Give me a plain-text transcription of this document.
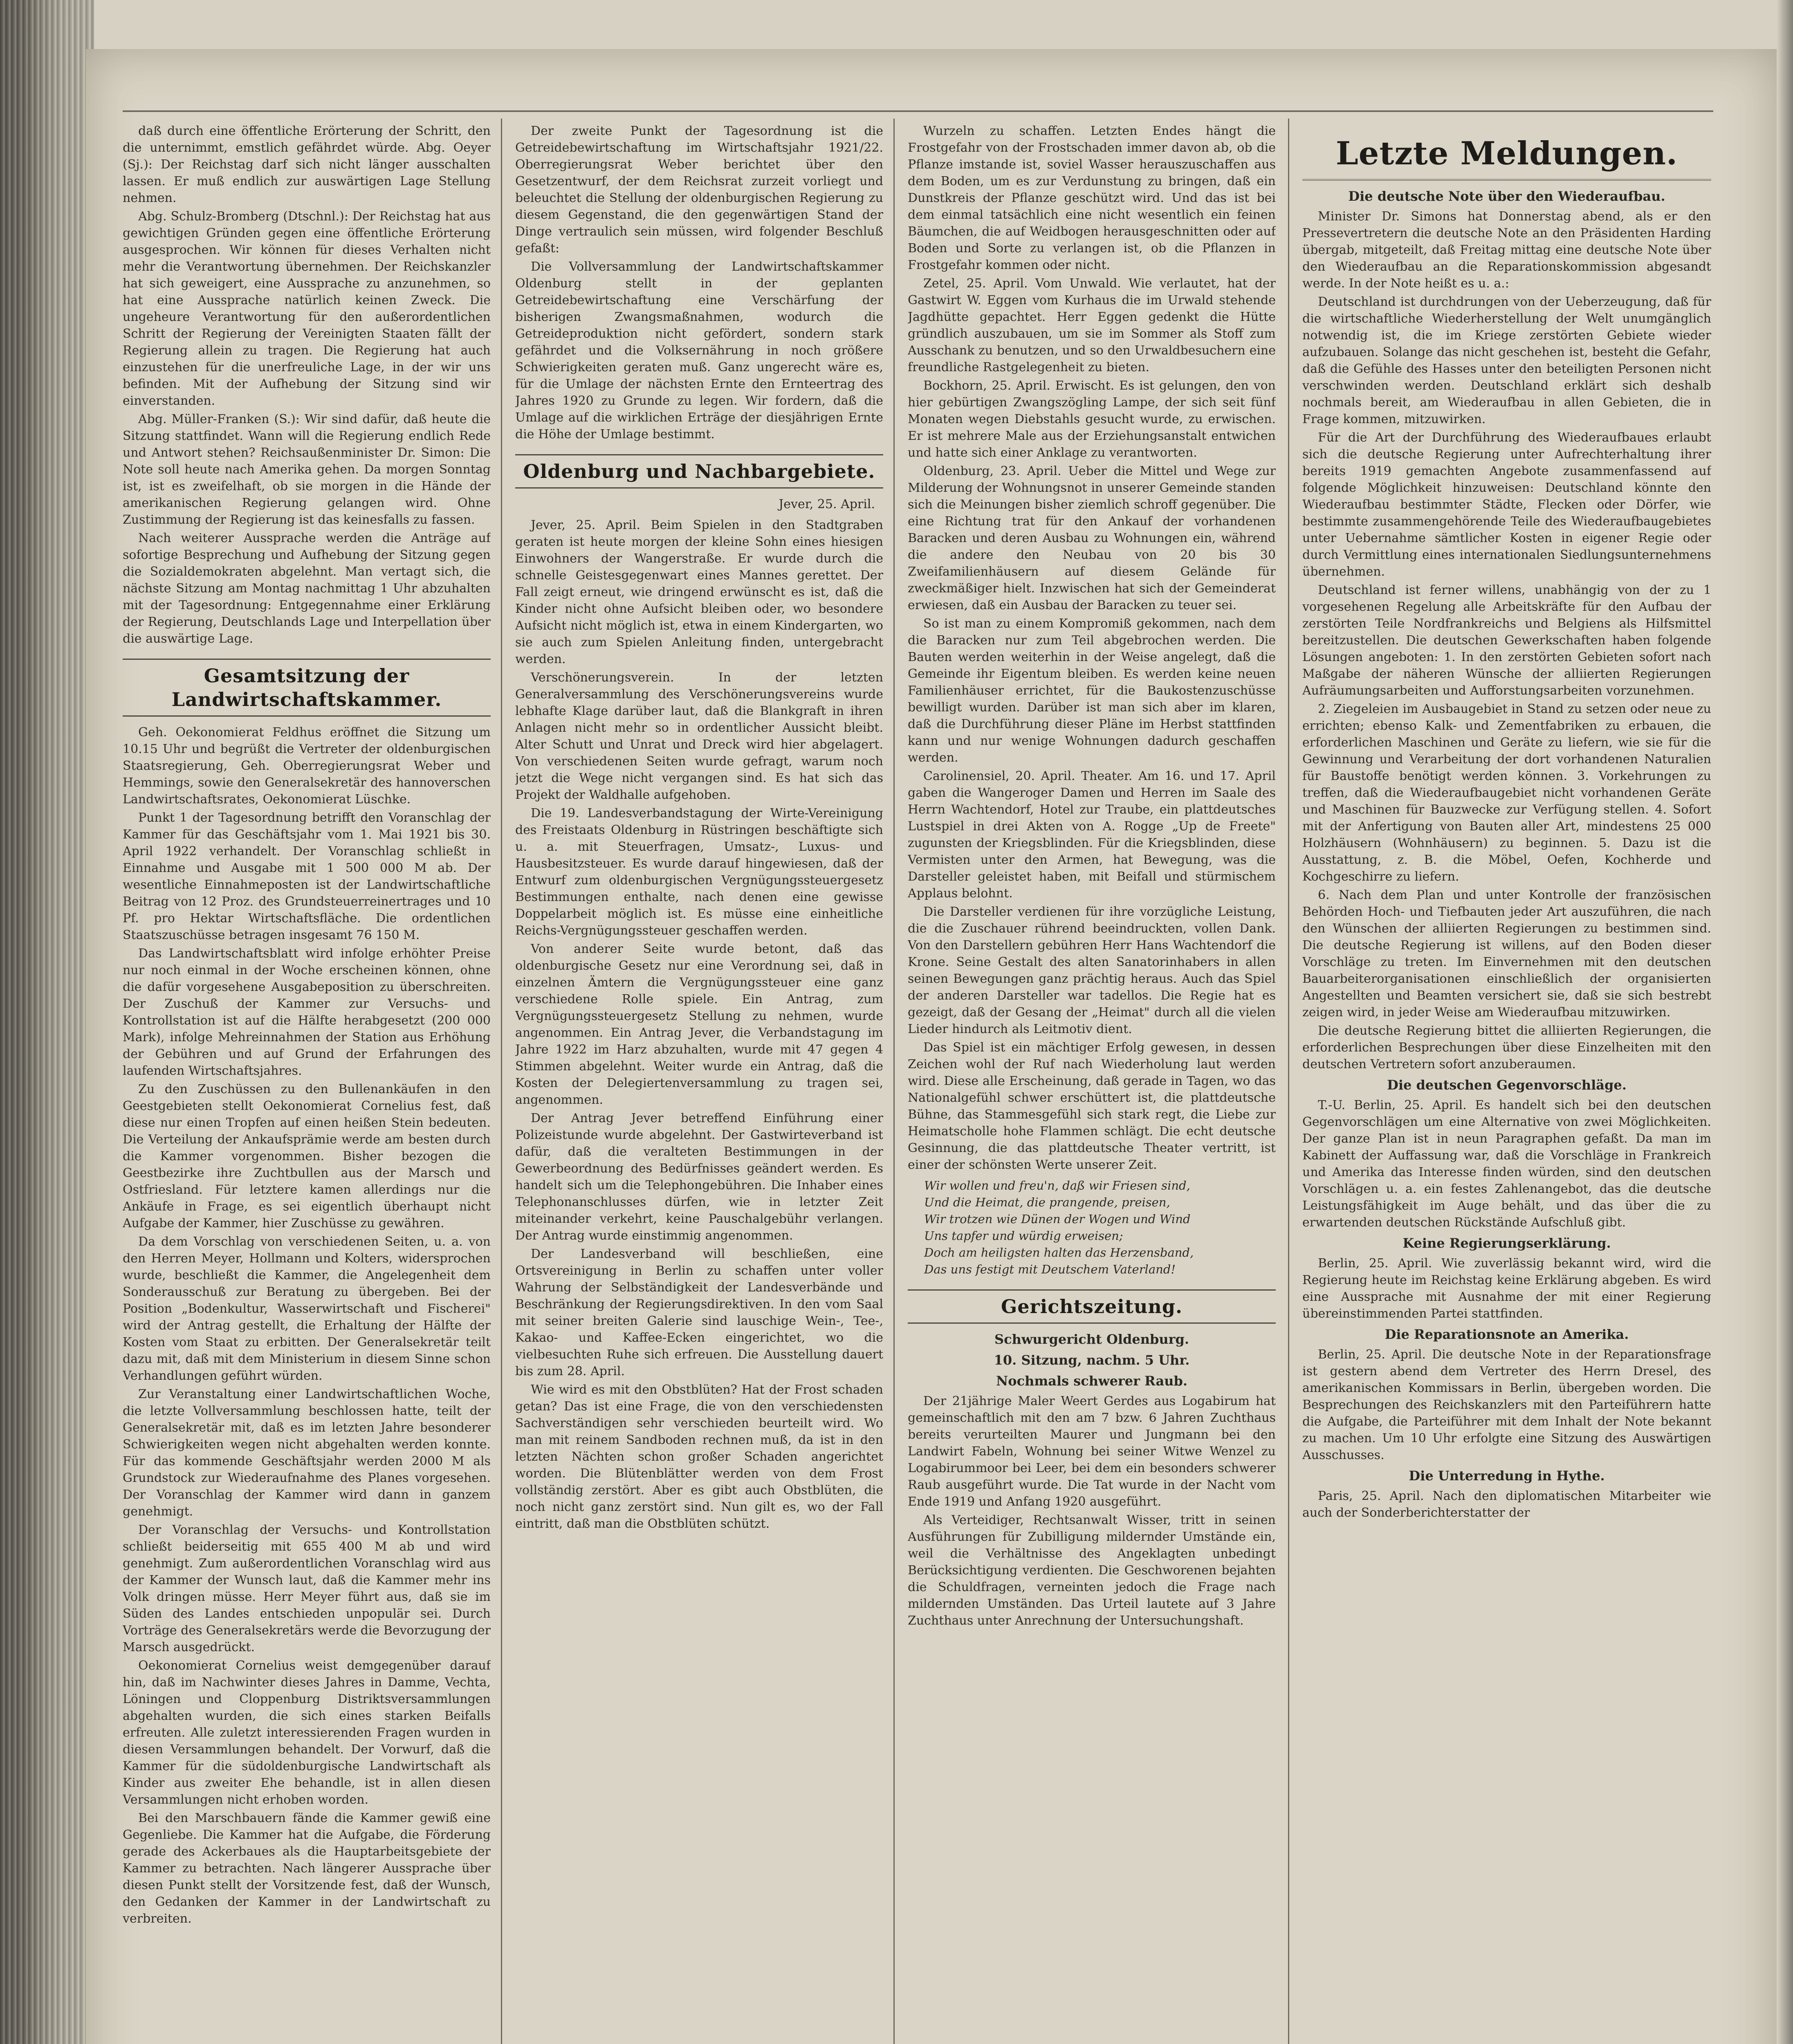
daß durch eine öffentliche Erörterung der Schritt, den die unternimmt, emstlich gefährdet würde. Abg. Oeyer (Sj.): Der Reichstag darf sich nicht länger ausschalten lassen. Er muß endlich zur auswärtigen Lage Stellung nehmen.

Abg. Schulz-Bromberg (Dtschnl.): Der Reichstag hat aus gewichtigen Gründen gegen eine öffentliche Erörterung ausgesprochen. Wir können für dieses Verhalten nicht mehr die Verantwortung übernehmen. Der Reichskanzler hat sich geweigert, eine Aussprache zu anzunehmen, so hat eine Aussprache natürlich keinen Zweck. Die ungeheure Verantwortung für den außerordentlichen Schritt der Regierung der Vereinigten Staaten fällt der Regierung allein zu tragen. Die Regierung hat auch einzustehen für die unerfreuliche Lage, in der wir uns befinden. Mit der Aufhebung der Sitzung sind wir einverstanden.

Abg. Müller-Franken (S.): Wir sind dafür, daß heute die Sitzung stattfindet. Wann will die Regierung endlich Rede und Antwort stehen? Reichsaußenminister Dr. Simon: Die Note soll heute nach Amerika gehen. Da morgen Sonntag ist, ist es zweifelhaft, ob sie morgen in die Hände der amerikanischen Regierung gelangen wird. Ohne Zustimmung der Regierung ist das keinesfalls zu fassen.

Nach weiterer Aussprache werden die Anträge auf sofortige Besprechung und Aufhebung der Sitzung gegen die Sozialdemokraten abgelehnt. Man vertagt sich, die nächste Sitzung am Montag nachmittag 1 Uhr abzuhalten mit der Tagesordnung: Entgegennahme einer Erklärung der Regierung, Deutschlands Lage und Interpellation über die auswärtige Lage.

Gesamtsitzung der Landwirtschaftskammer.

Geh. Oekonomierat Feldhus eröffnet die Sitzung um 10.15 Uhr und begrüßt die Vertreter der oldenburgischen Staatsregierung, Geh. Oberregierungsrat Weber und Hemmings, sowie den Generalsekretär des hannoverschen Landwirtschaftsrates, Oekonomierat Lüschke.

Punkt 1 der Tagesordnung betrifft den Voranschlag der Kammer für das Geschäftsjahr vom 1. Mai 1921 bis 30. April 1922 verhandelt. Der Voranschlag schließt in Einnahme und Ausgabe mit 1 500 000 M ab. Der wesentliche Einnahmeposten ist der Landwirtschaftliche Beitrag von 12 Proz. des Grundsteuerreinertrages und 10 Pf. pro Hektar Wirtschaftsfläche. Die ordentlichen Staatszuschüsse betragen insgesamt 76 150 M.

Das Landwirtschaftsblatt wird infolge erhöhter Preise nur noch einmal in der Woche erscheinen können, ohne die dafür vorgesehene Ausgabeposition zu überschreiten. Der Zuschuß der Kammer zur Versuchs- und Kontrollstation ist auf die Hälfte herabgesetzt (200 000 Mark), infolge Mehreinnahmen der Station aus Erhöhung der Gebühren und auf Grund der Erfahrungen des laufenden Wirtschaftsjahres.

Zu den Zuschüssen zu den Bullenankäufen in den Geestgebieten stellt Oekonomierat Cornelius fest, daß diese nur einen Tropfen auf einen heißen Stein bedeuten. Die Verteilung der Ankaufsprämie werde am besten durch die Kammer vorgenommen. Bisher bezogen die Geestbezirke ihre Zuchtbullen aus der Marsch und Ostfriesland. Für letztere kamen allerdings nur die Ankäufe in Frage, es sei eigentlich überhaupt nicht Aufgabe der Kammer, hier Zuschüsse zu gewähren.

Da dem Vorschlag von verschiedenen Seiten, u. a. von den Herren Meyer, Hollmann und Kolters, widersprochen wurde, beschließt die Kammer, die Angelegenheit dem Sonderausschuß zur Beratung zu übergeben. Bei der Position „Bodenkultur, Wasserwirtschaft und Fischerei" wird der Antrag gestellt, die Erhaltung der Hälfte der Kosten vom Staat zu erbitten. Der Generalsekretär teilt dazu mit, daß mit dem Ministerium in diesem Sinne schon Verhandlungen geführt würden.

Zur Veranstaltung einer Landwirtschaftlichen Woche, die letzte Vollversammlung beschlossen hatte, teilt der Generalsekretär mit, daß es im letzten Jahre besonderer Schwierigkeiten wegen nicht abgehalten werden konnte. Für das kommende Geschäftsjahr werden 2000 M als Grundstock zur Wiederaufnahme des Planes vorgesehen. Der Voranschlag der Kammer wird dann in ganzem genehmigt.

Der Voranschlag der Versuchs- und Kontrollstation schließt beiderseitig mit 655 400 M ab und wird genehmigt. Zum außerordentlichen Voranschlag wird aus der Kammer der Wunsch laut, daß die Kammer mehr ins Volk dringen müsse. Herr Meyer führt aus, daß sie im Süden des Landes entschieden unpopulär sei. Durch Vorträge des Generalsekretärs werde die Bevorzugung der Marsch ausgedrückt.

Oekonomierat Cornelius weist demgegenüber darauf hin, daß im Nachwinter dieses Jahres in Damme, Vechta, Löningen und Cloppenburg Distriktsversammlungen abgehalten wurden, die sich eines starken Beifalls erfreuten. Alle zuletzt interessierenden Fragen wurden in diesen Versammlungen behandelt. Der Vorwurf, daß die Kammer für die südoldenburgische Landwirtschaft als Kinder aus zweiter Ehe behandle, ist in allen diesen Versammlungen nicht erhoben worden.

Bei den Marschbauern fände die Kammer gewiß eine Gegenliebe. Die Kammer hat die Aufgabe, die Förderung gerade des Ackerbaues als die Hauptarbeitsgebiete der Kammer zu betrachten. Nach längerer Aussprache über diesen Punkt stellt der Vorsitzende fest, daß der Wunsch, den Gedanken der Kammer in der Landwirtschaft zu verbreiten.

Der zweite Punkt der Tagesordnung ist die Getreidebewirtschaftung im Wirtschaftsjahr 1921/22. Oberregierungsrat Weber berichtet über den Gesetzentwurf, der dem Reichsrat zurzeit vorliegt und beleuchtet die Stellung der oldenburgischen Regierung zu diesem Gegenstand, die den gegenwärtigen Stand der Dinge vertraulich sein müssen, wird folgender Beschluß gefaßt:

Die Vollversammlung der Landwirtschaftskammer Oldenburg stellt in der geplanten Getreidebewirtschaftung eine Verschärfung der bisherigen Zwangsmaßnahmen, wodurch die Getreideproduktion nicht gefördert, sondern stark gefährdet und die Volksernährung in noch größere Schwierigkeiten geraten muß. Ganz ungerecht wäre es, für die Umlage der nächsten Ernte den Ernteertrag des Jahres 1920 zu Grunde zu legen. Wir fordern, daß die Umlage auf die wirklichen Erträge der diesjährigen Ernte die Höhe der Umlage bestimmt.

Oldenburg und Nachbargebiete.
Jever, 25. April.

Jever, 25. April. Beim Spielen in den Stadtgraben geraten ist heute morgen der kleine Sohn eines hiesigen Einwohners der Wangerstraße. Er wurde durch die schnelle Geistesgegenwart eines Mannes gerettet. Der Fall zeigt erneut, wie dringend erwünscht es ist, daß die Kinder nicht ohne Aufsicht bleiben oder, wo besondere Aufsicht nicht möglich ist, etwa in einem Kindergarten, wo sie auch zum Spielen Anleitung finden, untergebracht werden.

Verschönerungsverein. In der letzten Generalversammlung des Verschönerungsvereins wurde lebhafte Klage darüber laut, daß die Blankgraft in ihren Anlagen nicht mehr so in ordentlicher Aussicht bleibt. Alter Schutt und Unrat und Dreck wird hier abgelagert. Von verschiedenen Seiten wurde gefragt, warum noch jetzt die Wege nicht vergangen sind. Es hat sich das Projekt der Waldhalle aufgehoben.

Die 19. Landesverbandstagung der Wirte-Vereinigung des Freistaats Oldenburg in Rüstringen beschäftigte sich u. a. mit Steuerfragen, Umsatz-, Luxus- und Hausbesitzsteuer. Es wurde darauf hingewiesen, daß der Entwurf zum oldenburgischen Vergnügungssteuergesetz Bestimmungen enthalte, nach denen eine gewisse Doppelarbeit möglich ist. Es müsse eine einheitliche Reichs-Vergnügungssteuer geschaffen werden.

Von anderer Seite wurde betont, daß das oldenburgische Gesetz nur eine Verordnung sei, daß in einzelnen Ämtern die Vergnügungssteuer eine ganz verschiedene Rolle spiele. Ein Antrag, zum Vergnügungssteuergesetz Stellung zu nehmen, wurde angenommen. Ein Antrag Jever, die Verbandstagung im Jahre 1922 im Harz abzuhalten, wurde mit 47 gegen 4 Stimmen abgelehnt. Weiter wurde ein Antrag, daß die Kosten der Delegiertenversammlung zu tragen sei, angenommen.

Der Antrag Jever betreffend Einführung einer Polizeistunde wurde abgelehnt. Der Gastwirteverband ist dafür, daß die veralteten Bestimmungen in der Gewerbeordnung des Bedürfnisses geändert werden. Es handelt sich um die Telephongebühren. Die Inhaber eines Telephonanschlusses dürfen, wie in letzter Zeit miteinander verkehrt, keine Pauschalgebühr verlangen. Der Antrag wurde einstimmig angenommen.

Der Landesverband will beschließen, eine Ortsvereinigung in Berlin zu schaffen unter voller Wahrung der Selbständigkeit der Landesverbände und Beschränkung der Regierungsdirektiven. In den vom Saal mit seiner breiten Galerie sind lauschige Wein-, Tee-, Kakao- und Kaffee-Ecken eingerichtet, wo die vielbesuchten Ruhe sich erfreuen. Die Ausstellung dauert bis zum 28. April.

Wie wird es mit den Obstblüten? Hat der Frost schaden getan? Das ist eine Frage, die von den verschiedensten Sachverständigen sehr verschieden beurteilt wird. Wo man mit reinem Sandboden rechnen muß, da ist in den letzten Nächten schon großer Schaden angerichtet worden. Die Blütenblätter werden von dem Frost vollständig zerstört. Aber es gibt auch Obstblüten, die noch nicht ganz zerstört sind. Nun gilt es, wo der Fall eintritt, daß man die Obstblüten schützt.

Wurzeln zu schaffen. Letzten Endes hängt die Frostgefahr von der Frostschaden immer davon ab, ob die Pflanze imstande ist, soviel Wasser herauszuschaffen aus dem Boden, um es zur Verdunstung zu bringen, daß ein Dunstkreis der Pflanze geschützt wird. Und das ist bei dem einmal tatsächlich eine nicht wesentlich ein feinen Bäumchen, die auf Weidbogen herausgeschnitten oder auf Boden und Sorte zu verlangen ist, ob die Pflanzen in Frostgefahr kommen oder nicht.

Zetel, 25. April. Vom Unwald. Wie verlautet, hat der Gastwirt W. Eggen vom Kurhaus die im Urwald stehende Jagdhütte gepachtet. Herr Eggen gedenkt die Hütte gründlich auszubauen, um sie im Sommer als Stoff zum Ausschank zu benutzen, und so den Urwaldbesuchern eine freundliche Rastgelegenheit zu bieten.

Bockhorn, 25. April. Erwischt. Es ist gelungen, den von hier gebürtigen Zwangszögling Lampe, der sich seit fünf Monaten wegen Diebstahls gesucht wurde, zu erwischen. Er ist mehrere Male aus der Erziehungsanstalt entwichen und hatte sich einer Anklage zu verantworten.

Oldenburg, 23. April. Ueber die Mittel und Wege zur Milderung der Wohnungsnot in unserer Gemeinde standen sich die Meinungen bisher ziemlich schroff gegenüber. Die eine Richtung trat für den Ankauf der vorhandenen Baracken und deren Ausbau zu Wohnungen ein, während die andere den Neubau von 20 bis 30 Zweifamilienhäusern auf diesem Gelände für zweckmäßiger hielt. Inzwischen hat sich der Gemeinderat erwiesen, daß ein Ausbau der Baracken zu teuer sei.

So ist man zu einem Kompromiß gekommen, nach dem die Baracken nur zum Teil abgebrochen werden. Die Bauten werden weiterhin in der Weise angelegt, daß die Gemeinde ihr Eigentum bleiben. Es werden keine neuen Familienhäuser errichtet, für die Baukostenzuschüsse bewilligt wurden. Darüber ist man sich aber im klaren, daß die Durchführung dieser Pläne im Herbst stattfinden kann und nur wenige Wohnungen dadurch geschaffen werden.

Carolinensiel, 20. April. Theater. Am 16. und 17. April gaben die Wangeroger Damen und Herren im Saale des Herrn Wachtendorf, Hotel zur Traube, ein plattdeutsches Lustspiel in drei Akten von A. Rogge „Up de Freete" zugunsten der Kriegsblinden. Für die Kriegsblinden, diese Vermisten unter den Armen, hat Bewegung, was die Darsteller geleistet haben, mit Beifall und stürmischem Applaus belohnt.

Die Darsteller verdienen für ihre vorzügliche Leistung, die die Zuschauer rührend beeindruckten, vollen Dank. Von den Darstellern gebühren Herr Hans Wachtendorf die Krone. Seine Gestalt des alten Sanatorinhabers in allen seinen Bewegungen ganz prächtig heraus. Auch das Spiel der anderen Darsteller war tadellos. Die Regie hat es gezeigt, daß der Gesang der „Heimat" durch all die vielen Lieder hindurch als Leitmotiv dient.

Das Spiel ist ein mächtiger Erfolg gewesen, in dessen Zeichen wohl der Ruf nach Wiederholung laut werden wird. Diese alle Erscheinung, daß gerade in Tagen, wo das Nationalgefühl schwer erschüttert ist, die plattdeutsche Bühne, das Stammesgefühl sich stark regt, die Liebe zur Heimatscholle hohe Flammen schlägt. Die echt deutsche Gesinnung, die das plattdeutsche Theater vertritt, ist einer der schönsten Werte unserer Zeit.

Wir wollen und freu'n, daß wir Friesen sind,
Und die Heimat, die prangende, preisen,
Wir trotzen wie Dünen der Wogen und Wind
Uns tapfer und würdig erweisen;
Doch am heiligsten halten das Herzensband,
Das uns festigt mit Deutschem Vaterland!
Gerichtszeitung.
Schwurgericht Oldenburg.
10. Sitzung, nachm. 5 Uhr.
Nochmals schwerer Raub.

Der 21jährige Maler Weert Gerdes aus Logabirum hat gemeinschaftlich mit den am 7 bzw. 6 Jahren Zuchthaus bereits verurteilten Maurer und Jungmann bei den Landwirt Fabeln, Wohnung bei seiner Witwe Wenzel zu Logabirummoor bei Leer, bei dem ein besonders schwerer Raub ausgeführt wurde. Die Tat wurde in der Nacht vom Ende 1919 und Anfang 1920 ausgeführt.

Als Verteidiger, Rechtsanwalt Wisser, tritt in seinen Ausführungen für Zubilligung mildernder Umstände ein, weil die Verhältnisse des Angeklagten unbedingt Berücksichtigung verdienten. Die Geschworenen bejahten die Schuldfragen, verneinten jedoch die Frage nach mildernden Umständen. Das Urteil lautete auf 3 Jahre Zuchthaus unter Anrechnung der Untersuchungshaft.

Letzte Meldungen.
Die deutsche Note über den Wiederaufbau.

Minister Dr. Simons hat Donnerstag abend, als er den Pressevertretern die deutsche Note an den Präsidenten Harding übergab, mitgeteilt, daß Freitag mittag eine deutsche Note über den Wiederaufbau an die Reparationskommission abgesandt werde. In der Note heißt es u. a.:

Deutschland ist durchdrungen von der Ueberzeugung, daß für die wirtschaftliche Wiederherstellung der Welt unumgänglich notwendig ist, die im Kriege zerstörten Gebiete wieder aufzubauen. Solange das nicht geschehen ist, besteht die Gefahr, daß die Gefühle des Hasses unter den beteiligten Personen nicht verschwinden werden. Deutschland erklärt sich deshalb nochmals bereit, am Wiederaufbau in allen Gebieten, die in Frage kommen, mitzuwirken.

Für die Art der Durchführung des Wiederaufbaues erlaubt sich die deutsche Regierung unter Aufrechterhaltung ihrer bereits 1919 gemachten Angebote zusammenfassend auf folgende Möglichkeit hinzuweisen: Deutschland könnte den Wiederaufbau bestimmter Städte, Flecken oder Dörfer, wie bestimmte zusammengehörende Teile des Wiederaufbaugebietes unter Uebernahme sämtlicher Kosten in eigener Regie oder durch Vermittlung eines internationalen Siedlungsunternehmens übernehmen.

Deutschland ist ferner willens, unabhängig von der zu 1 vorgesehenen Regelung alle Arbeitskräfte für den Aufbau der zerstörten Teile Nordfrankreichs und Belgiens als Hilfsmittel bereitzustellen. Die deutschen Gewerkschaften haben folgende Lösungen angeboten: 1. In den zerstörten Gebieten sofort nach Maßgabe der näheren Wünsche der alliierten Regierungen Aufräumungsarbeiten und Aufforstungsarbeiten vorzunehmen.

2. Ziegeleien im Ausbaugebiet in Stand zu setzen oder neue zu errichten; ebenso Kalk- und Zementfabriken zu erbauen, die erforderlichen Maschinen und Geräte zu liefern, wie sie für die Gewinnung und Verarbeitung der dort vorhandenen Naturalien für Baustoffe benötigt werden können. 3. Vorkehrungen zu treffen, daß die Wiederaufbaugebiet nicht vorhandenen Geräte und Maschinen für Bauzwecke zur Verfügung stellen. 4. Sofort mit der Anfertigung von Bauten aller Art, mindestens 25 000 Holzhäusern (Wohnhäusern) zu beginnen. 5. Dazu ist die Ausstattung, z. B. die Möbel, Oefen, Kochherde und Kochgeschirre zu liefern.

6. Nach dem Plan und unter Kontrolle der französischen Behörden Hoch- und Tiefbauten jeder Art auszuführen, die nach den Wünschen der alliierten Regierungen zu bestimmen sind. Die deutsche Regierung ist willens, auf den Boden dieser Vorschläge zu treten. Im Einvernehmen mit den deutschen Bauarbeiterorganisationen einschließlich der organisierten Angestellten und Beamten versichert sie, daß sie sich bestrebt zeigen wird, in jeder Weise am Wiederaufbau mitzuwirken.

Die deutsche Regierung bittet die alliierten Regierungen, die erforderlichen Besprechungen über diese Einzelheiten mit den deutschen Vertretern sofort anzuberaumen.

Die deutschen Gegenvorschläge.

T.-U. Berlin, 25. April. Es handelt sich bei den deutschen Gegenvorschlägen um eine Alternative von zwei Möglichkeiten. Der ganze Plan ist in neun Paragraphen gefaßt. Da man im Kabinett der Auffassung war, daß die Vorschläge in Frankreich und Amerika das Interesse finden würden, sind den deutschen Vorschlägen u. a. ein festes Zahlenangebot, das die deutsche Leistungsfähigkeit im Auge behält, und das über die zu erwartenden deutschen Rückstände Aufschluß gibt.

Keine Regierungserklärung.

Berlin, 25. April. Wie zuverlässig bekannt wird, wird die Regierung heute im Reichstag keine Erklärung abgeben. Es wird eine Aussprache mit Ausnahme der mit einer Regierung übereinstimmenden Partei stattfinden.

Die Reparationsnote an Amerika.

Berlin, 25. April. Die deutsche Note in der Reparationsfrage ist gestern abend dem Vertreter des Herrn Dresel, des amerikanischen Kommissars in Berlin, übergeben worden. Die Besprechungen des Reichskanzlers mit den Parteiführern hatte die Aufgabe, die Parteiführer mit dem Inhalt der Note bekannt zu machen. Um 10 Uhr erfolgte eine Sitzung des Auswärtigen Ausschusses.

Die Unterredung in Hythe.

Paris, 25. April. Nach den diplomatischen Mitarbeiter wie auch der Sonderberichterstatter der
